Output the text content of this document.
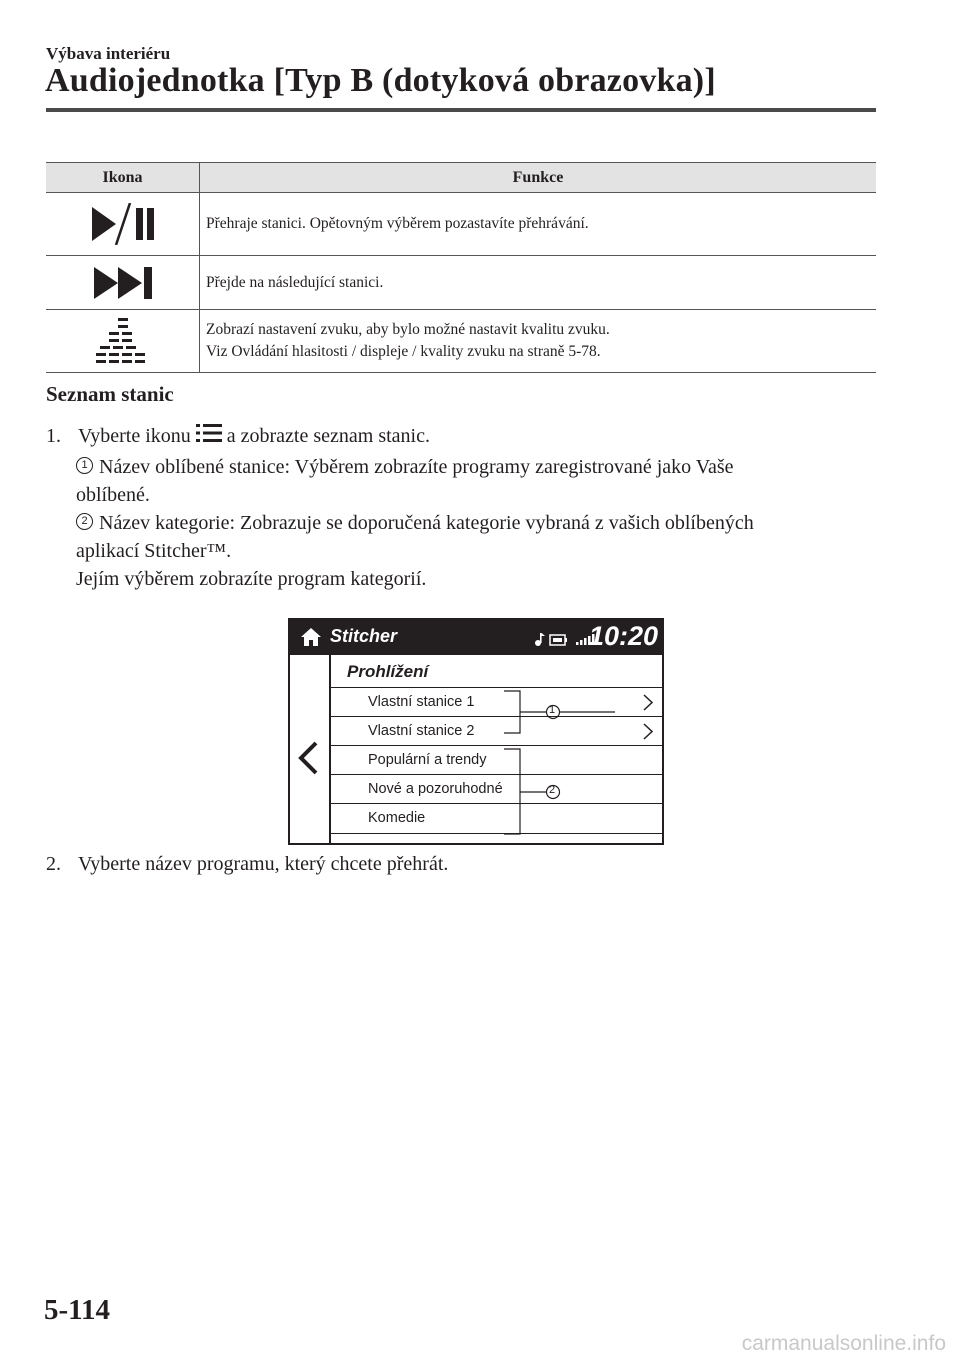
Výbava interiéru
Audiojednotka [Typ B (dotyková obrazovka)]
Ikona	Funkce
	Přehraje stanici. Opětovným výběrem pozastavíte přehrávání.
	Přejde na následující stanici.

Zobrazí nastavení zvuku, aby bylo možné nastavit kvalitu zvuku.
Viz Ovládání hlasitosti / displeje / kvality zvuku na straně 5-78.
Seznam stanic
1. Vyberte ikonu a zobrazte seznam stanic.
1 Název oblíbené stanice: Výběrem zobrazíte programy zaregistrované jako Vaše
oblíbené.
2 Název kategorie: Zobrazuje se doporučená kategorie vybraná z vašich oblíbených
aplikací Stitcher™.
Jejím výběrem zobrazíte program kategorií.
Stitcher	10:20
Prohlížení
Vlastní stanice 1
Vlastní stanice 2
Populární a trendy
Nové a pozoruhodné
Komedie
1
2
2. Vyberte název programu, který chcete přehrát.
5-114
carmanualsonline.info
